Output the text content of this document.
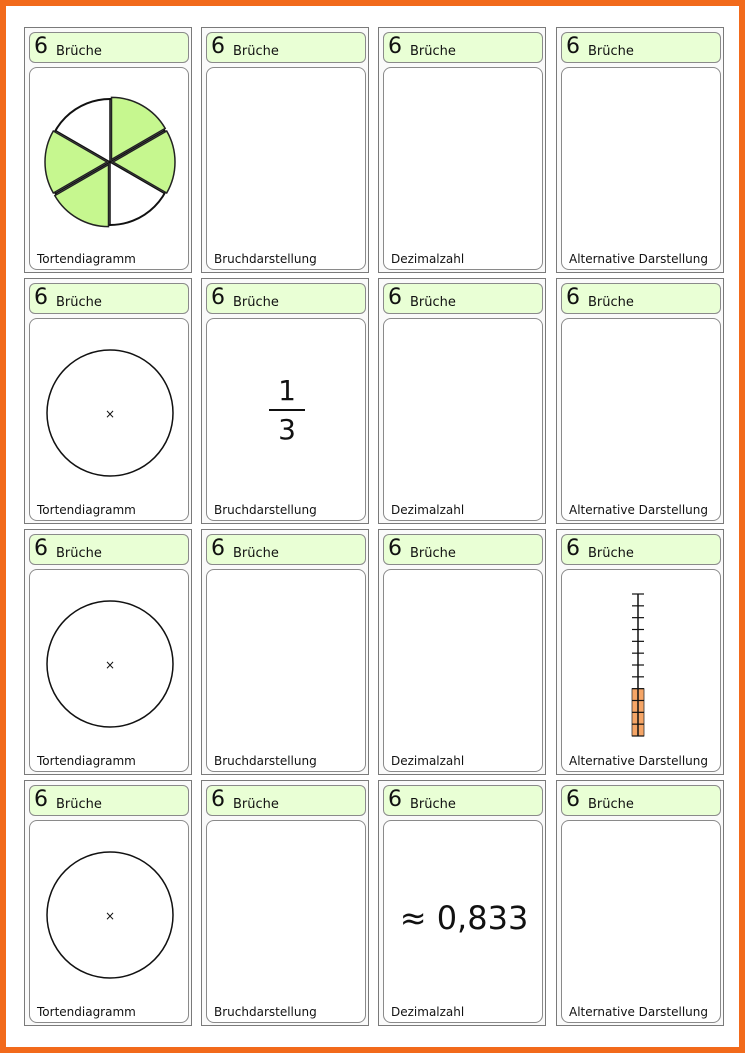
6 Brüche
Tortendiagramm
6 Brüche
Bruchdarstellung
6 Brüche
Dezimalzahl
6 Brüche
Alternative Darstellung
6 Brüche
Tortendiagramm
×
6 Brüche
Bruchdarstellung
1
3
6 Brüche
Dezimalzahl
6 Brüche
Alternative Darstellung
6 Brüche
Tortendiagramm
×
6 Brüche
Bruchdarstellung
6 Brüche
Dezimalzahl
6 Brüche
Alternative Darstellung
6 Brüche
Tortendiagramm
×
6 Brüche
Bruchdarstellung
6 Brüche
Dezimalzahl
≈ 0,833
6 Brüche
Alternative Darstellung
